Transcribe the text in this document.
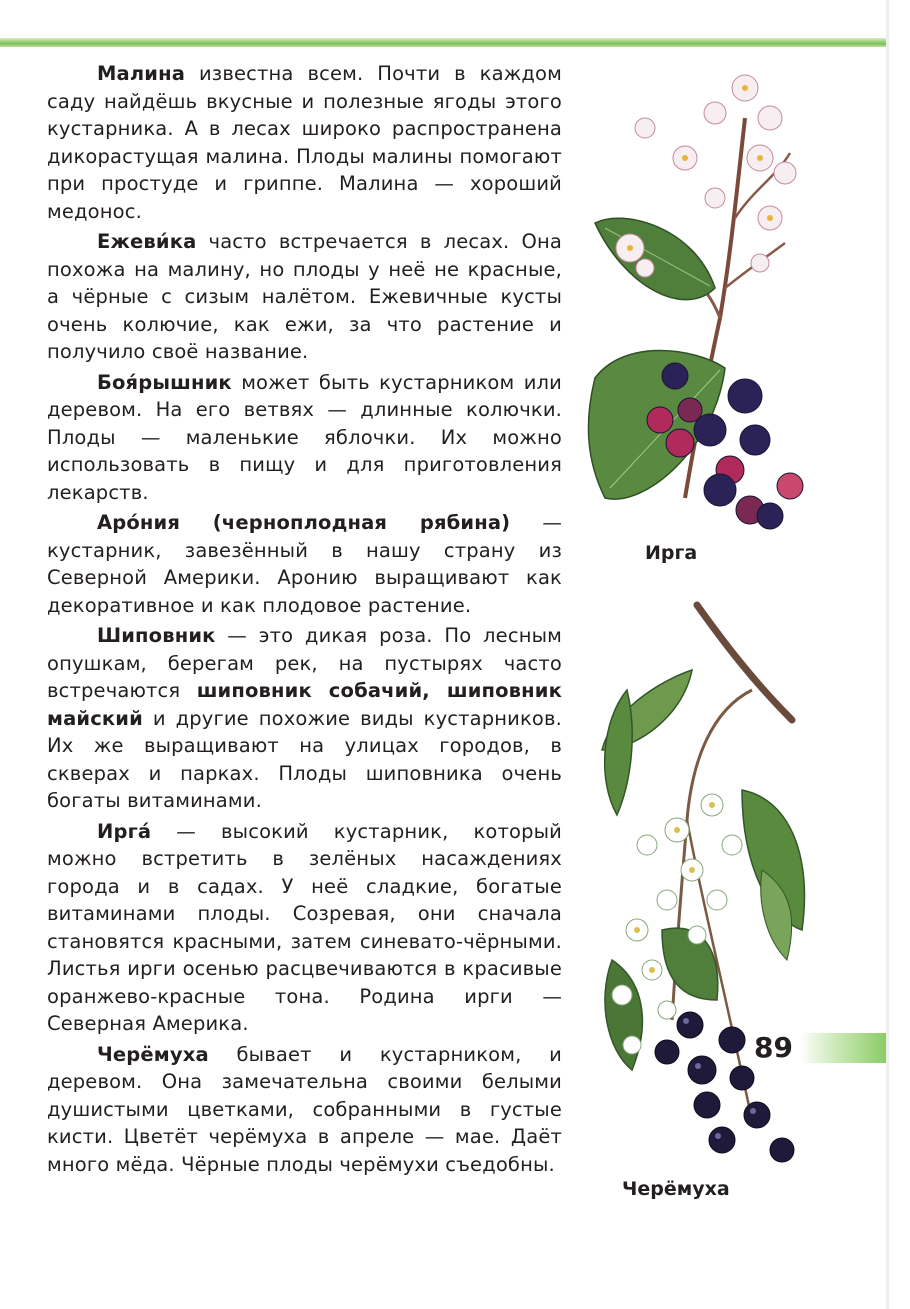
Малина известна всем. Почти в каждом саду найдёшь вкусные и полезные ягоды этого кустарника. А в лесах широко распространена дикорастущая малина. Плоды малины помогают при простуде и гриппе. Малина — хороший медонос.

Ежеви́ка часто встречается в лесах. Она похожа на малину, но плоды у неё не красные, а чёрные с сизым налётом. Ежевичные кусты очень колючие, как ежи, за что растение и получило своё название.

Боя́рышник может быть кустарником или деревом. На его ветвях — длинные колючки. Плоды — маленькие яблочки. Их можно использовать в пищу и для приготовления лекарств.

Аро́ния (черноплодная рябина) — кустарник, завезённый в нашу страну из Северной Америки. Аронию выращивают как декоративное и как плодовое растение.

Шиповник — это дикая роза. По лесным опушкам, берегам рек, на пустырях часто встречаются шиповник собачий, шиповник майский и другие похожие виды кустарников. Их же выращивают на улицах городов, в скверах и парках. Плоды шиповника очень богаты витаминами.

Ирга́ — высокий кустарник, который можно встретить в зелёных насаждениях города и в садах. У неё сладкие, богатые витаминами плоды. Созревая, они сначала становятся красными, затем синевато-чёрными. Листья ирги осенью расцвечиваются в красивые оранжево-красные тона. Родина ирги — Северная Америка.

Черёмуха бывает и кустарником, и деревом. Она замечательна своими белыми душистыми цветками, собранными в густые кисти. Цветёт черёмуха в апреле — мае. Даёт много мёда. Чёрные плоды черёмухи съедобны.

Ирга
Черёмуха
89
